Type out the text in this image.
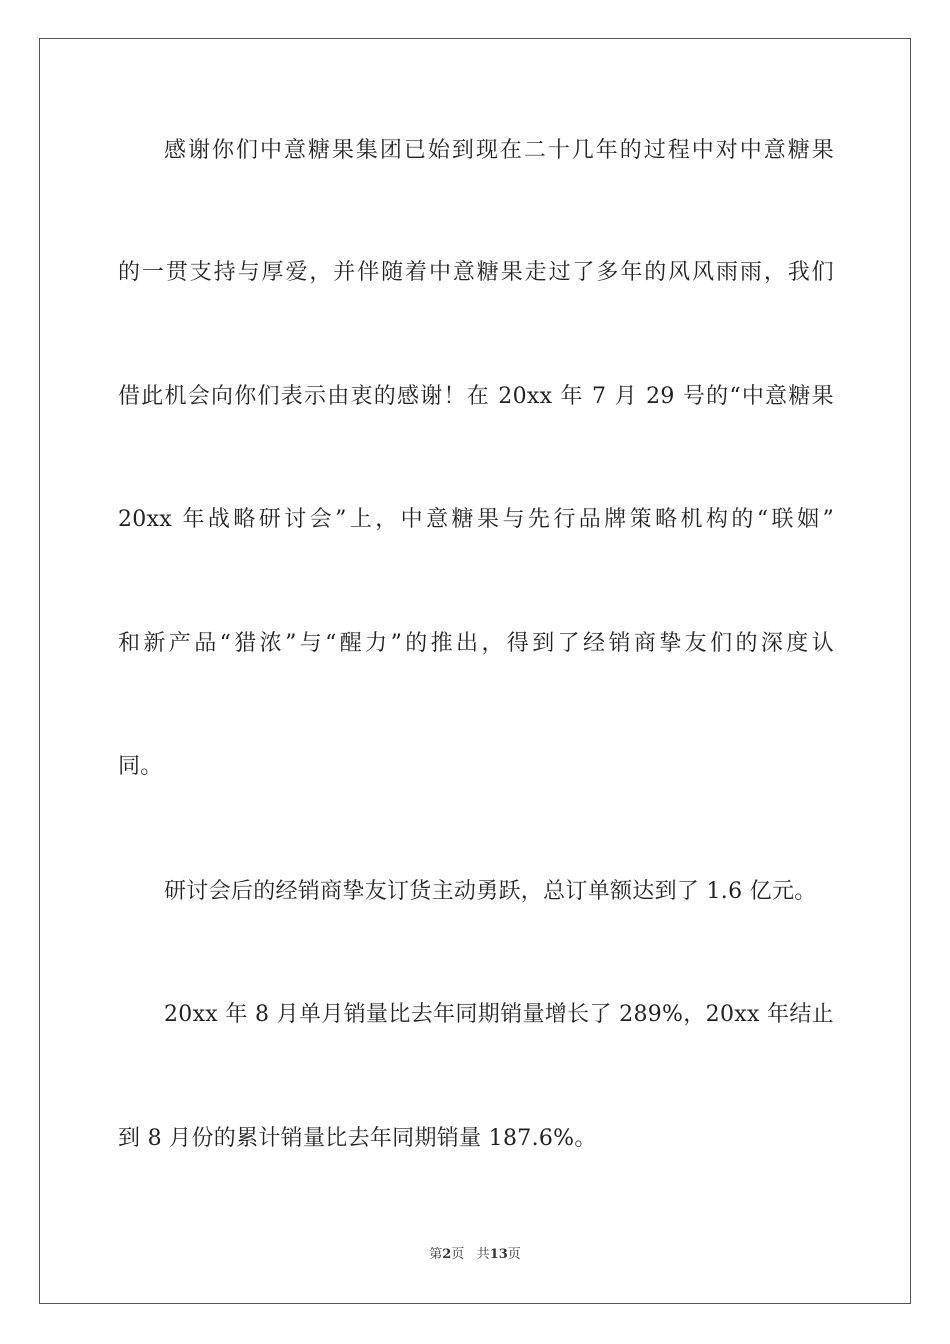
感谢你们中意糖果集团已始到现在二十几年的过程中对中意糖果
的一贯支持与厚爱，并伴随着中意糖果走过了多年的风风雨雨，我们
借此机会向你们表示由衷的感谢！在 20xx 年 7 月 29 号的“中意糖果
20xx 年战略研讨会”上，中意糖果与先行品牌策略机构的“联姻”
和新产品“猎浓”与“醒力”的推出，得到了经销商挚友们的深度认
同。
研讨会后的经销商挚友订货主动勇跃，总订单额达到了 1.6 亿元。
20xx 年 8 月单月销量比去年同期销量增长了 289%，20xx 年结止
到 8 月份的累计销量比去年同期销量 187.6%。
第2页 共13页
